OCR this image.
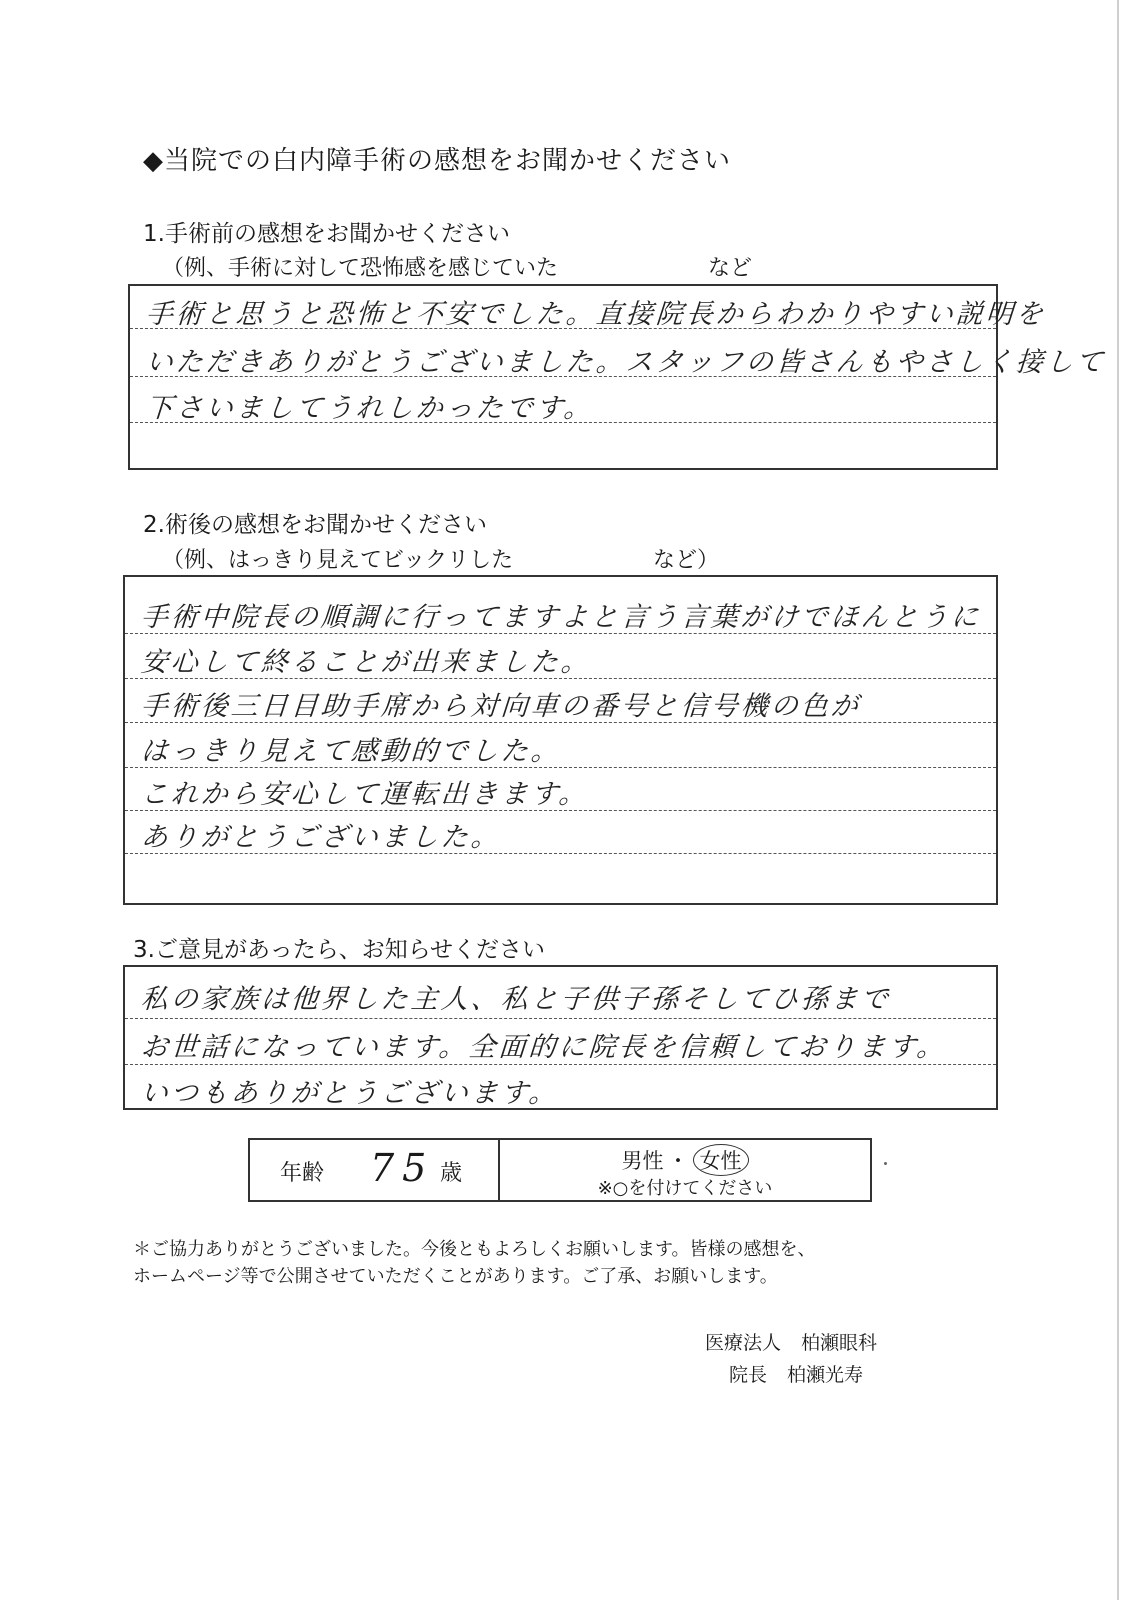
◆当院での白内障手術の感想をお聞かせください
1.手術前の感想をお聞かせください
（例、手術に対して恐怖感を感じていた	など
手術と思うと恐怖と不安でした。直接院長からわかりやすい説明を
いただきありがとうございました。スタッフの皆さんもやさしく接して
下さいましてうれしかったです。
2.術後の感想をお聞かせください
（例、はっきり見えてビックリした	など）
手術中院長の順調に行ってますよと言う言葉がけでほんとうに
安心して終ることが出来ました。
手術後三日目助手席から対向車の番号と信号機の色が
はっきり見えて感動的でした。
これから安心して運転出きます。
ありがとうございました。
3.ご意見があったら、お知らせください
私の家族は他界した主人、私と子供子孫そしてひ孫まで
お世話になっています。全面的に院長を信頼しております。
いつもありがとうございます。
年齢 75 歳	男性 ・ 女性
※○を付けてください
＊ご協力ありがとうございました。今後ともよろしくお願いします。皆様の感想を、
ホームページ等で公開させていただくことがあります。ご了承、お願いします。
医療法人 柏瀬眼科
院長 柏瀬光寿
